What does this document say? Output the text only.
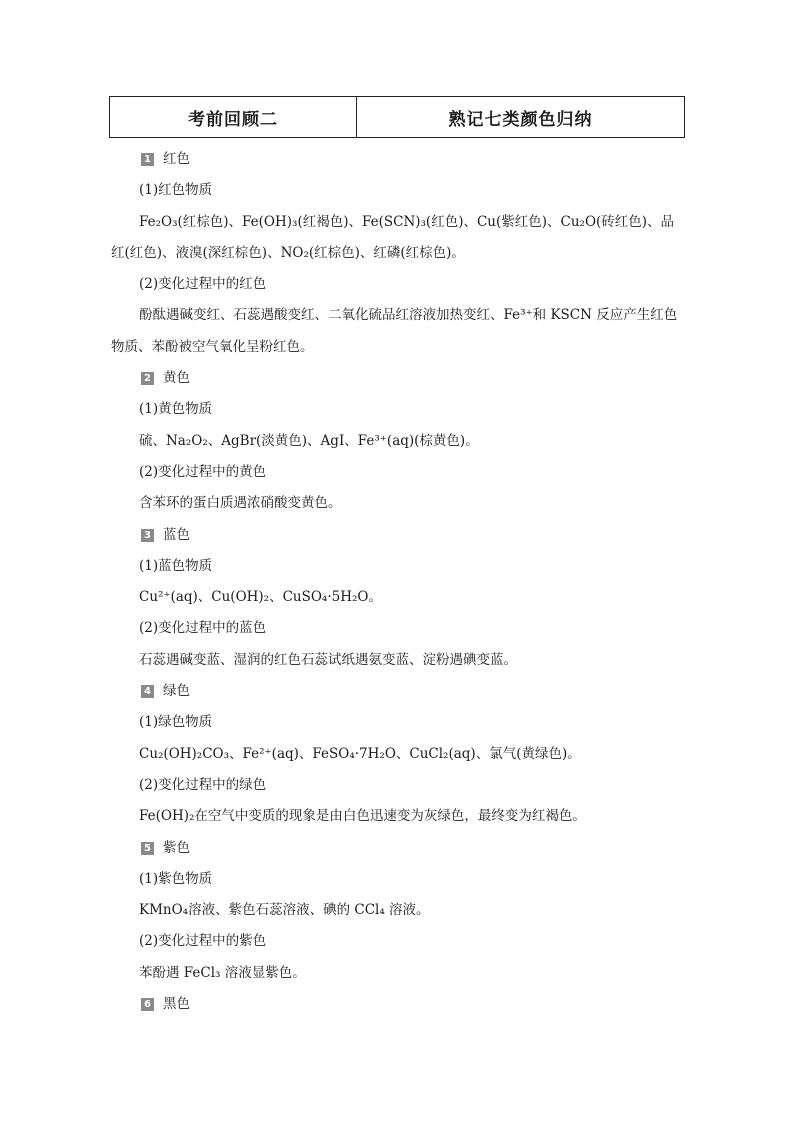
考前回顾二	熟记七类颜色归纳
1 红色
(1)红色物质
Fe₂O₃(红棕色)、Fe(OH)₃(红褐色)、Fe(SCN)₃(红色)、Cu(紫红色)、Cu₂O(砖红色)、品红(红色)、液溴(深红棕色)、NO₂(红棕色)、红磷(红棕色)。
(2)变化过程中的红色
酚酞遇碱变红、石蕊遇酸变红、二氧化硫品红溶液加热变红、Fe³⁺和 KSCN 反应产生红色物质、苯酚被空气氧化呈粉红色。
2 黄色
(1)黄色物质
硫、Na₂O₂、AgBr(淡黄色)、AgI、Fe³⁺(aq)(棕黄色)。
(2)变化过程中的黄色
含苯环的蛋白质遇浓硝酸变黄色。
3 蓝色
(1)蓝色物质
Cu²⁺(aq)、Cu(OH)₂、CuSO₄·5H₂O。
(2)变化过程中的蓝色
石蕊遇碱变蓝、湿润的红色石蕊试纸遇氨变蓝、淀粉遇碘变蓝。
4 绿色
(1)绿色物质
Cu₂(OH)₂CO₃、Fe²⁺(aq)、FeSO₄·7H₂O、CuCl₂(aq)、氯气(黄绿色)。
(2)变化过程中的绿色
Fe(OH)₂在空气中变质的现象是由白色迅速变为灰绿色，最终变为红褐色。
5 紫色
(1)紫色物质
KMnO₄溶液、紫色石蕊溶液、碘的 CCl₄ 溶液。
(2)变化过程中的紫色
苯酚遇 FeCl₃ 溶液显紫色。
6 黑色
